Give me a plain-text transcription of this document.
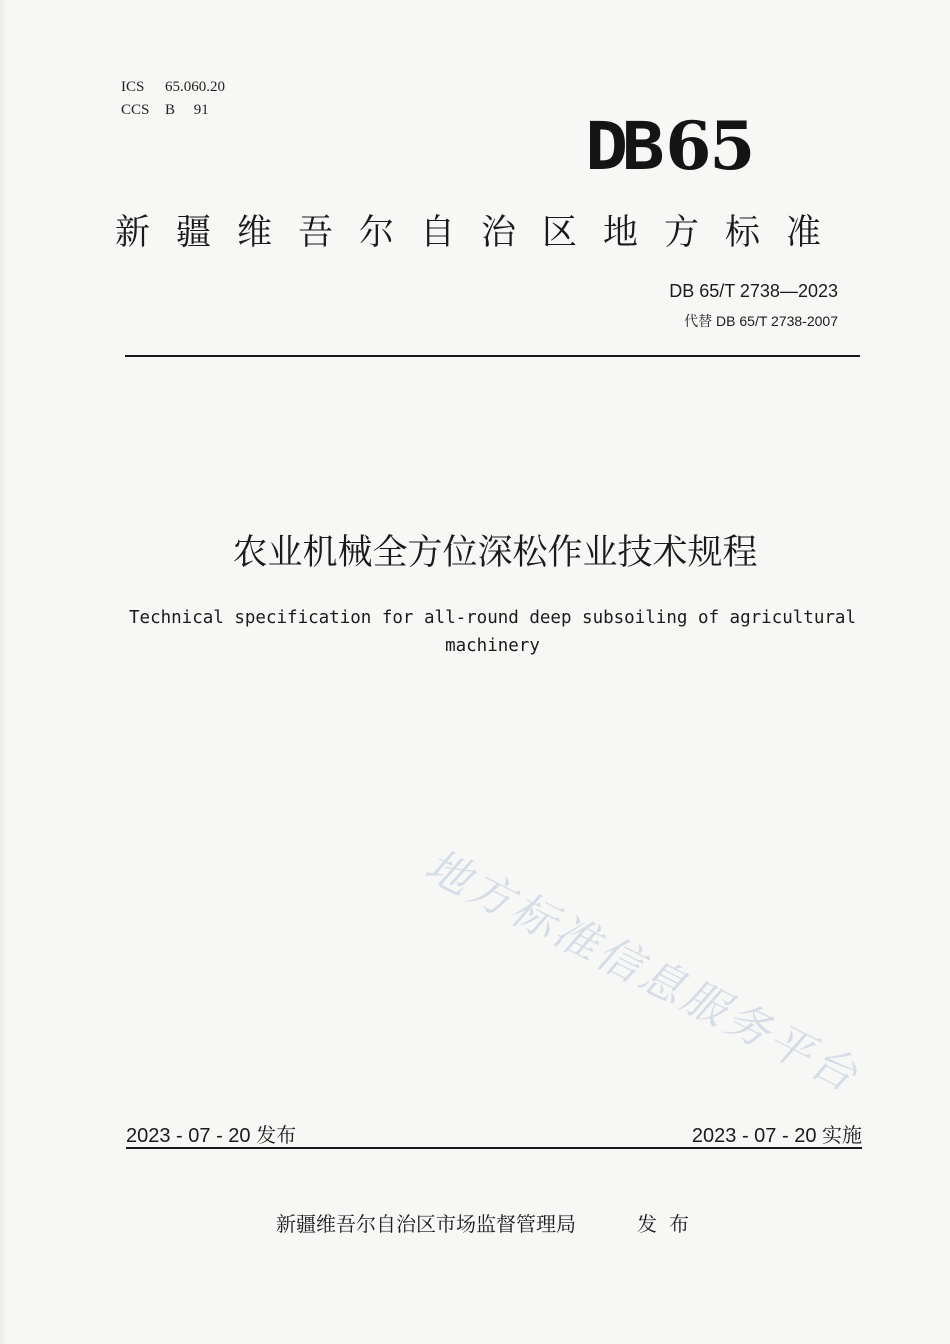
ICS 65.060.20
CCS B　 91	DB 65
新疆维吾尔自治区地方标准
DB 65/T 2738—2023
代替 DB 65/T 2738-2007
农业机械全方位深松作业技术规程
Technical specification for all-round deep subsoiling of agricultural machinery
地方标准信息服务平台
2023 - 07 - 20 发布	2023 - 07 - 20 实施
新疆维吾尔自治区市场监督管理局	发布
